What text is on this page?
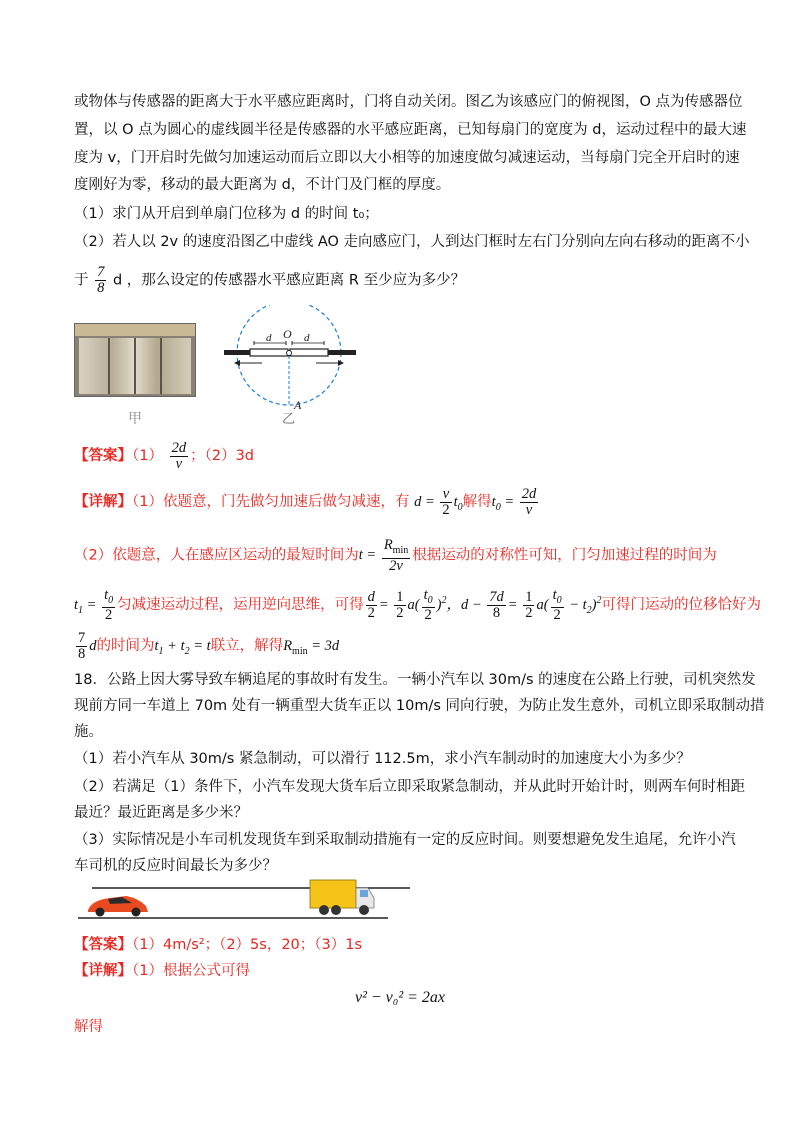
或物体与传感器的距离大于水平感应距离时，门将自动关闭。图乙为该感应门的俯视图，O 点为传感器位
置，以 O 点为圆心的虚线圆半径是传感器的水平感应距离，已知每扇门的宽度为 d，运动过程中的最大速
度为 v，门开启时先做匀加速运动而后立即以大小相等的加速度做匀减速运动，当每扇门完全开启时的速
度刚好为零，移动的最大距离为 d，不计门及门框的厚度。
（1）求门从开启到单扇门位移为 d 的时间 t₀；
（2）若人以 2v 的速度沿图乙中虚线 AO 走向感应门，人到达门框时左右门分别向左向右移动的距离不小
于 $\frac{7}{8}$ d ，那么设定的传感器水平感应距离 R 至少应为多少？
甲
O
d	d
A
乙
【答案】$(1) \frac{2d}{v}$ ；（2）3d
【详解】（1）依题意，门先做匀加速后做匀减速，有 $d = \frac{v}{2} t_0$解得$t_0 = \frac{2d}{v}$
（2）依题意，人在感应区运动的最短时间为$t = \frac{R_{min}}{2v}$ 根据运动的对称性可知，门匀加速过程的时间为
$t_1 = \frac{t_0}{2}$ 匀减速运动过程，运用逆向思维，可得 $\frac{d}{2} = \frac{1}{2} a( \frac{t_0}{2} )^2$，$d - \frac{7d}{8} = \frac{1}{2} a( \frac{t_0}{2} - t_2)^2$可得门运动的位移恰好为
$\frac{7}{8}$ d的时间为$t_1 + t_2 = t$联立，解得$R_{min} = 3d$
18．公路上因大雾导致车辆追尾的事故时有发生。一辆小汽车以 30m/s 的速度在公路上行驶，司机突然发
现前方同一车道上 70m 处有一辆重型大货车正以 10m/s 同向行驶，为防止发生意外，司机立即采取制动措
施。
（1）若小汽车从 30m/s 紧急制动，可以滑行 112.5m，求小汽车制动时的加速度大小为多少？
（2）若满足（1）条件下，小汽车发现大货车后立即采取紧急制动，并从此时开始计时，则两车何时相距
最近？最近距离是多少米？
（3）实际情况是小车司机发现货车到采取制动措施有一定的反应时间。则要想避免发生追尾，允许小汽
车司机的反应时间最长为多少？
【答案】（1）4m/s²；（2）5s，20；（3）1s
【详解】（1）根据公式可得
v² − v₀² = 2ax
解得
